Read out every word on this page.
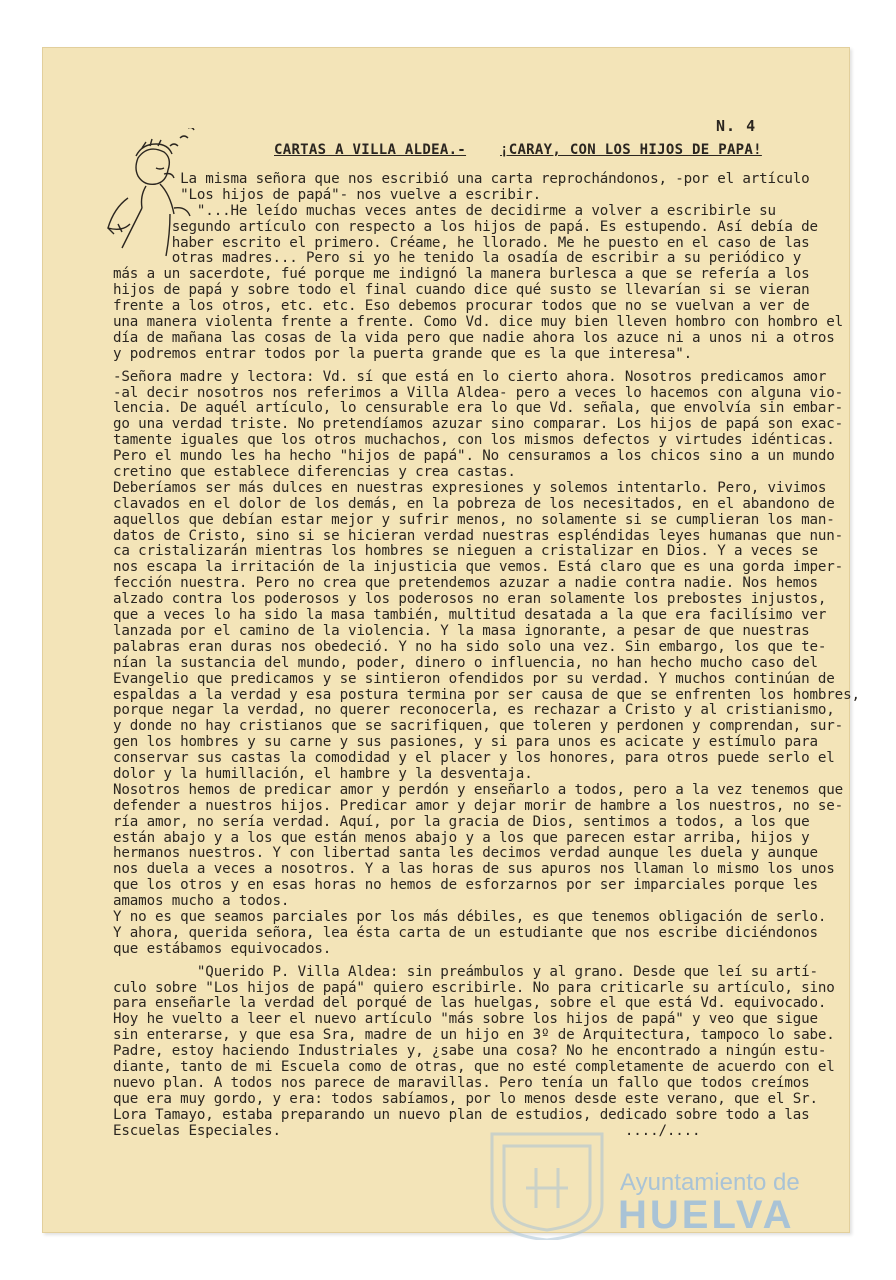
N. 4
CARTAS A VILLA ALDEA.- ¡CARAY, CON LOS HIJOS DE PAPA!
La misma señora que nos escribió una carta reprochándonos, -por el artículo
"Los hijos de papá"- nos vuelve a escribir.
"...He leído muchas veces antes de decidirme a volver a escribirle su
segundo artículo con respecto a los hijos de papá. Es estupendo. Así debía de
haber escrito el primero. Créame, he llorado. Me he puesto en el caso de las
otras madres... Pero si yo he tenido la osadía de escribir a su periódico y
más a un sacerdote, fué porque me indignó la manera burlesca a que se refería a los
hijos de papá y sobre todo el final cuando dice qué susto se llevarían si se vieran
frente a los otros, etc. etc. Eso debemos procurar todos que no se vuelvan a ver de
una manera violenta frente a frente. Como Vd. dice muy bien lleven hombro con hombro el
día de mañana las cosas de la vida pero que nadie ahora los azuce ni a unos ni a otros
y podremos entrar todos por la puerta grande que es la que interesa".
-Señora madre y lectora: Vd. sí que está en lo cierto ahora. Nosotros predicamos amor
-al decir nosotros nos referimos a Villa Aldea- pero a veces lo hacemos con alguna vio-
lencia. De aquél artículo, lo censurable era lo que Vd. señala, que envolvía sin embar-
go una verdad triste. No pretendíamos azuzar sino comparar. Los hijos de papá son exac-
tamente iguales que los otros muchachos, con los mismos defectos y virtudes idénticas.
Pero el mundo les ha hecho "hijos de papá". No censuramos a los chicos sino a un mundo
cretino que establece diferencias y crea castas.
Deberíamos ser más dulces en nuestras expresiones y solemos intentarlo. Pero, vivimos
clavados en el dolor de los demás, en la pobreza de los necesitados, en el abandono de
aquellos que debían estar mejor y sufrir menos, no solamente si se cumplieran los man-
datos de Cristo, sino si se hicieran verdad nuestras espléndidas leyes humanas que nun-
ca cristalizarán mientras los hombres se nieguen a cristalizar en Dios. Y a veces se
nos escapa la irritación de la injusticia que vemos. Está claro que es una gorda imper-
fección nuestra. Pero no crea que pretendemos azuzar a nadie contra nadie. Nos hemos
alzado contra los poderosos y los poderosos no eran solamente los prebostes injustos,
que a veces lo ha sido la masa también, multitud desatada a la que era facilísimo ver
lanzada por el camino de la violencia. Y la masa ignorante, a pesar de que nuestras
palabras eran duras nos obedeció. Y no ha sido solo una vez. Sin embargo, los que te-
nían la sustancia del mundo, poder, dinero o influencia, no han hecho mucho caso del
Evangelio que predicamos y se sintieron ofendidos por su verdad. Y muchos continúan de
espaldas a la verdad y esa postura termina por ser causa de que se enfrenten los hombres,
porque negar la verdad, no querer reconocerla, es rechazar a Cristo y al cristianismo,
y donde no hay cristianos que se sacrifiquen, que toleren y perdonen y comprendan, sur-
gen los hombres y su carne y sus pasiones, y si para unos es acicate y estímulo para
conservar sus castas la comodidad y el placer y los honores, para otros puede serlo el
dolor y la humillación, el hambre y la desventaja.
Nosotros hemos de predicar amor y perdón y enseñarlo a todos, pero a la vez tenemos que
defender a nuestros hijos. Predicar amor y dejar morir de hambre a los nuestros, no se-
ría amor, no sería verdad. Aquí, por la gracia de Dios, sentimos a todos, a los que
están abajo y a los que están menos abajo y a los que parecen estar arriba, hijos y
hermanos nuestros. Y con libertad santa les decimos verdad aunque les duela y aunque
nos duela a veces a nosotros. Y a las horas de sus apuros nos llaman lo mismo los unos
que los otros y en esas horas no hemos de esforzarnos por ser imparciales porque les
amamos mucho a todos.
Y no es que seamos parciales por los más débiles, es que tenemos obligación de serlo.
Y ahora, querida señora, lea ésta carta de un estudiante que nos escribe diciéndonos
que estábamos equivocados.
"Querido P. Villa Aldea: sin preámbulos y al grano. Desde que leí su artí-
culo sobre "Los hijos de papá" quiero escribirle. No para criticarle su artículo, sino
para enseñarle la verdad del porqué de las huelgas, sobre el que está Vd. equivocado.
Hoy he vuelto a leer el nuevo artículo "más sobre los hijos de papá" y veo que sigue
sin enterarse, y que esa Sra, madre de un hijo en 3º de Arquitectura, tampoco lo sabe.
Padre, estoy haciendo Industriales y, ¿sabe una cosa? No he encontrado a ningún estu-
diante, tanto de mi Escuela como de otras, que no esté completamente de acuerdo con el
nuevo plan. A todos nos parece de maravillas. Pero tenía un fallo que todos creímos
que era muy gordo, y era: todos sabíamos, por lo menos desde este verano, que el Sr.
Lora Tamayo, estaba preparando un nuevo plan de estudios, dedicado sobre todo a las
Escuelas Especiales.                                         ..../....
Ayuntamiento de
HUELVA
